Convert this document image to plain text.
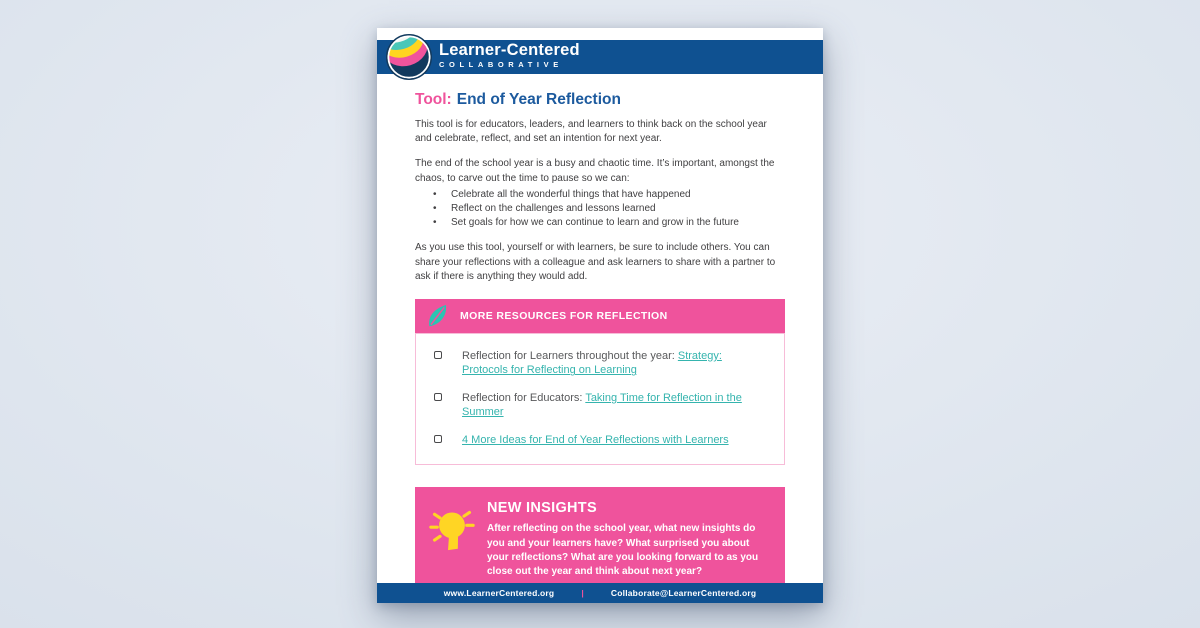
Learner-Centered
COLLABORATIVE
Tool: End of Year Reflection

This tool is for educators, leaders, and learners to think back on the school year and celebrate, reflect, and set an intention for next year.

The end of the school year is a busy and chaotic time. It’s important, amongst the chaos, to carve out the time to pause so we can:

• Celebrate all the wonderful things that have happened
• Reflect on the challenges and lessons learned
• Set goals for how we can continue to learn and grow in the future

As you use this tool, yourself or with learners, be sure to include others. You can share your reflections with a colleague and ask learners to share with a partner to ask if there is anything they would add.

MORE RESOURCES FOR REFLECTION
Reflection for Learners throughout the year: Strategy: Protocols for Reflecting on Learning
Reflection for Educators: Taking Time for Reflection in the Summer
4 More Ideas for End of Year Reflections with Learners
NEW INSIGHTS
After reflecting on the school year, what new insights do you and your learners have? What surprised you about your reflections? What are you looking forward to as you close out the year and think about next year?
www.LearnerCentered.org	|	Collaborate@LearnerCentered.org
